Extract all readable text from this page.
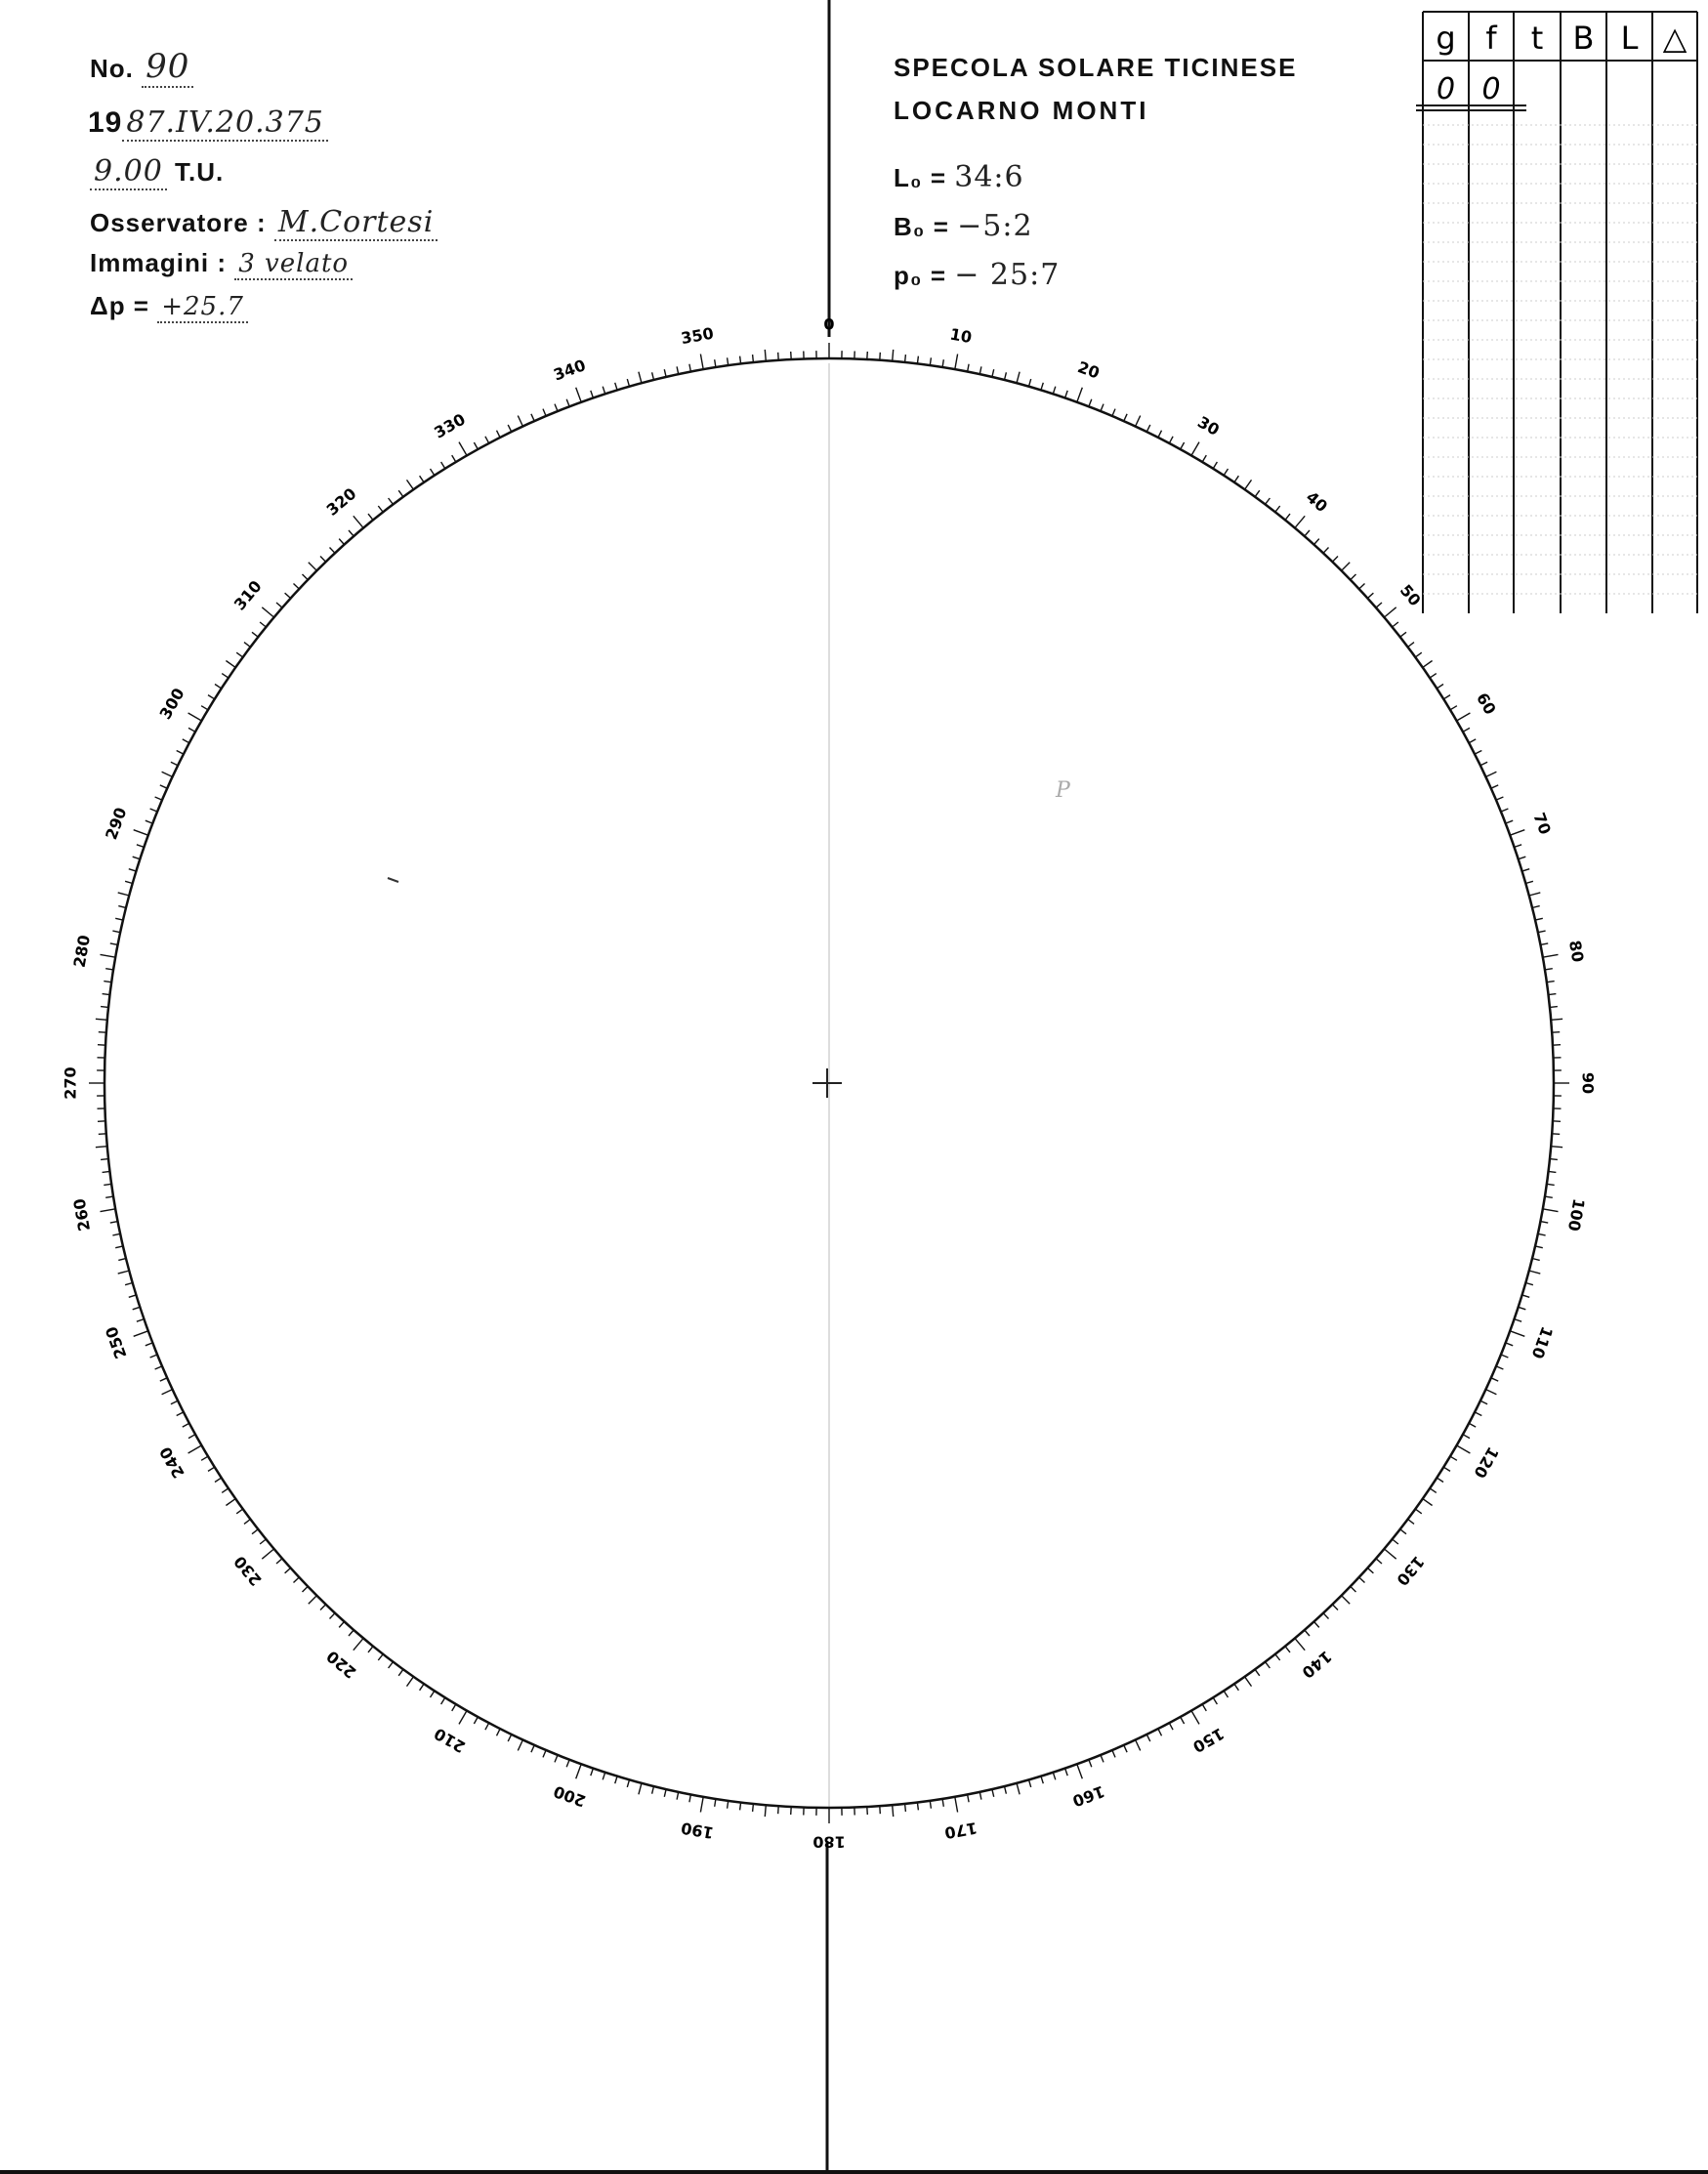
No. 90
19 87.IV.20.375
9.00 T.U.
Osservatore : M.Cortesi
Immagini : 3 velato
Δp = +25.7
SPECOLA SOLARE TICINESE
LOCARNO MONTI
L₀ = 34:6
B₀ = −5:2
p₀ = − 25:7
0
10
20
30
40
50
60
70
80
90
100
110
120
130
140
150
160
170
180
190
200
210
220
230
240
250
260
270
280
290
300
310
320
330
340
350
P
g f t B L △
0 0
